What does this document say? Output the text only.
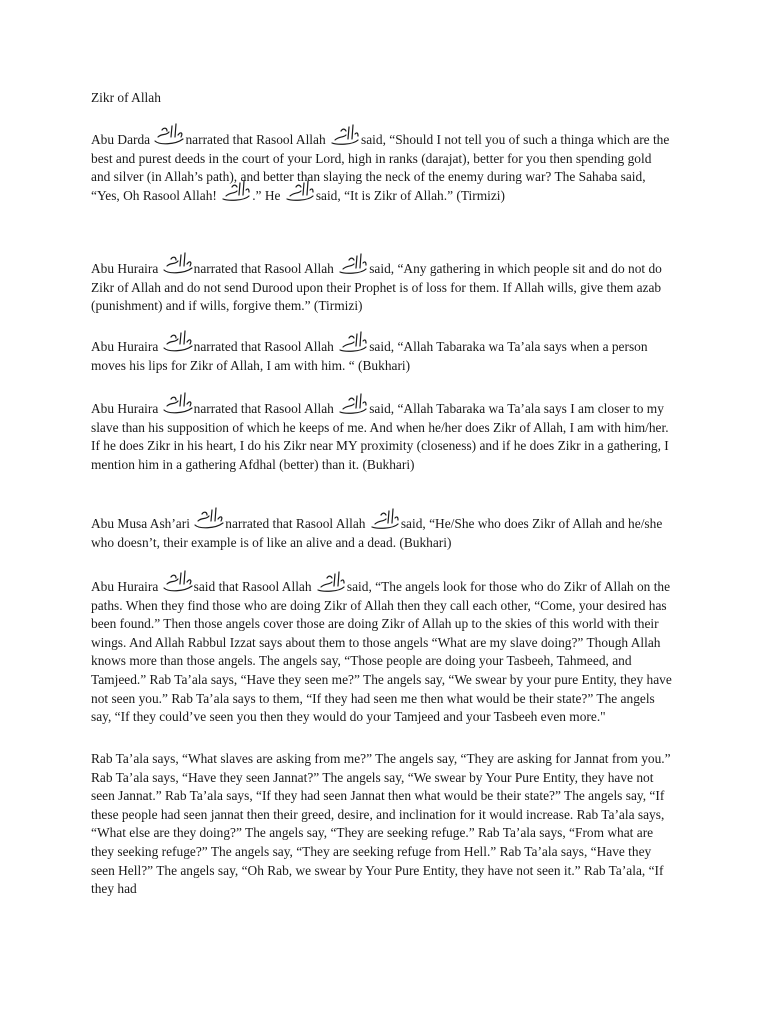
Zikr of Allah
Abu Darda
narrated that Rasool Allah
said, “Should I not tell you of such a thinga which are the best and purest deeds in the court of your Lord, high in ranks (darajat), better for you then spending gold and silver (in Allah’s path), and better than slaying the neck of the enemy during war? The Sahaba said, “Yes, Oh Rasool Allah!
.” He
said, “It is Zikr of Allah.” (Tirmizi)
Abu Huraira
narrated that Rasool Allah
said, “Any gathering in which people sit and do not do Zikr of Allah and do not send Durood upon their Prophet is of loss for them. If Allah wills, give them azab (punishment) and if wills, forgive them.” (Tirmizi)
Abu Huraira
narrated that Rasool Allah
said, “Allah Tabaraka wa Ta’ala says when a person moves his lips for Zikr of Allah, I am with him. “ (Bukhari)
Abu Huraira
narrated that Rasool Allah
said, “Allah Tabaraka wa Ta’ala says I am closer to my slave than his supposition of which he keeps of me. And when he/her does Zikr of Allah, I am with him/her. If he does Zikr in his heart, I do his Zikr near MY proximity (closeness) and if he does Zikr in a gathering, I mention him in a gathering Afdhal (better) than it. (Bukhari)
Abu Musa Ash’ari
narrated that Rasool Allah
said, “He/She who does Zikr of Allah and he/she who doesn’t, their example is of like an alive and a dead. (Bukhari)
Abu Huraira
said that Rasool Allah
said, “The angels look for those who do Zikr of Allah on the paths. When they find those who are doing Zikr of Allah then they call each other, “Come, your desired has been found.” Then those angels cover those are doing Zikr of Allah up to the skies of this world with their wings. And Allah Rabbul Izzat says about them to those angels “What are my slave doing?” Though Allah knows more than those angels. The angels say, “Those people are doing your Tasbeeh, Tahmeed, and Tamjeed.” Rab Ta’ala says, “Have they seen me?” The angels say, “We swear by your pure Entity, they have not seen you.” Rab Ta’ala says to them, “If they had seen me then what would be their state?” The angels say, “If they could’ve seen you then they would do your Tamjeed and your Tasbeeh even more."
Rab Ta’ala says, “What slaves are asking from me?” The angels say, “They are asking for Jannat from you.” Rab Ta’ala says, “Have they seen Jannat?” The angels say, “We swear by Your Pure Entity, they have not seen Jannat.” Rab Ta’ala says, “If they had seen Jannat then what would be their state?” The angels say, “If these people had seen jannat then their greed, desire, and inclination for it would increase. Rab Ta’ala says, “What else are they doing?” The angels say, “They are seeking refuge.” Rab Ta’ala says, “From what are they seeking refuge?” The angels say, “They are seeking refuge from Hell.” Rab Ta’ala says, “Have they seen Hell?” The angels say, “Oh Rab, we swear by Your Pure Entity, they have not seen it.” Rab Ta’ala, “If they had
